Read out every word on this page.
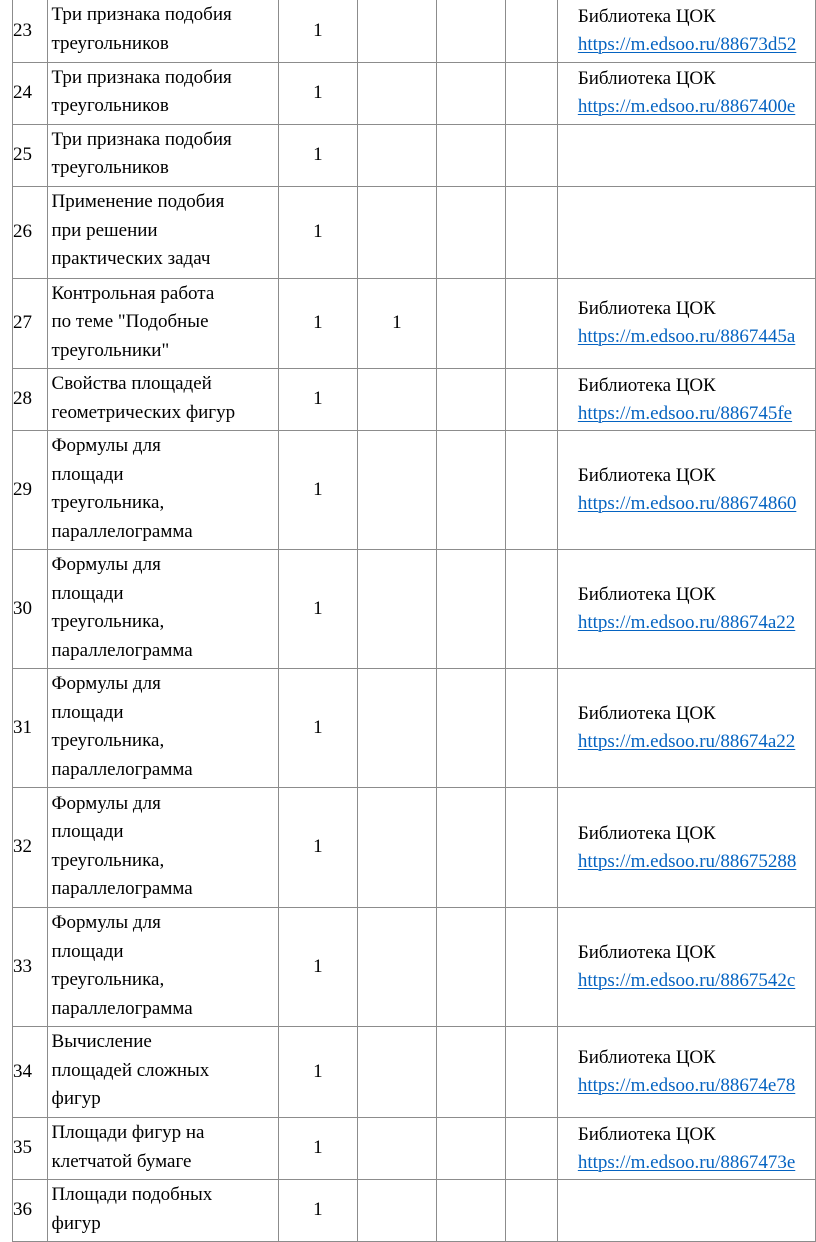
23	Три признака подобия
треугольников	1				Библиотека ЦОК
https://m.edsoo.ru/88673d52

24	Три признака подобия
треугольников	1				Библиотека ЦОК
https://m.edsoo.ru/8867400e

25	Три признака подобия
треугольников	1				

26	Применение подобия
при решении
практических задач	1				

27	Контрольная работа
по теме "Подобные
треугольники"	1	1			Библиотека ЦОК
https://m.edsoo.ru/8867445a

28	Свойства площадей
геометрических фигур	1				Библиотека ЦОК
https://m.edsoo.ru/886745fe

29	Формулы для
площади
треугольника,
параллелограмма	1				Библиотека ЦОК
https://m.edsoo.ru/88674860

30	Формулы для
площади
треугольника,
параллелограмма	1				Библиотека ЦОК
https://m.edsoo.ru/88674a22

31	Формулы для
площади
треугольника,
параллелограмма	1				Библиотека ЦОК
https://m.edsoo.ru/88674a22

32	Формулы для
площади
треугольника,
параллелограмма	1				Библиотека ЦОК
https://m.edsoo.ru/88675288

33	Формулы для
площади
треугольника,
параллелограмма	1				Библиотека ЦОК
https://m.edsoo.ru/8867542c

34	Вычисление
площадей сложных
фигур	1				Библиотека ЦОК
https://m.edsoo.ru/88674e78

35	Площади фигур на
клетчатой бумаге	1				Библиотека ЦОК
https://m.edsoo.ru/8867473e

36	Площади подобных
фигур	1				
